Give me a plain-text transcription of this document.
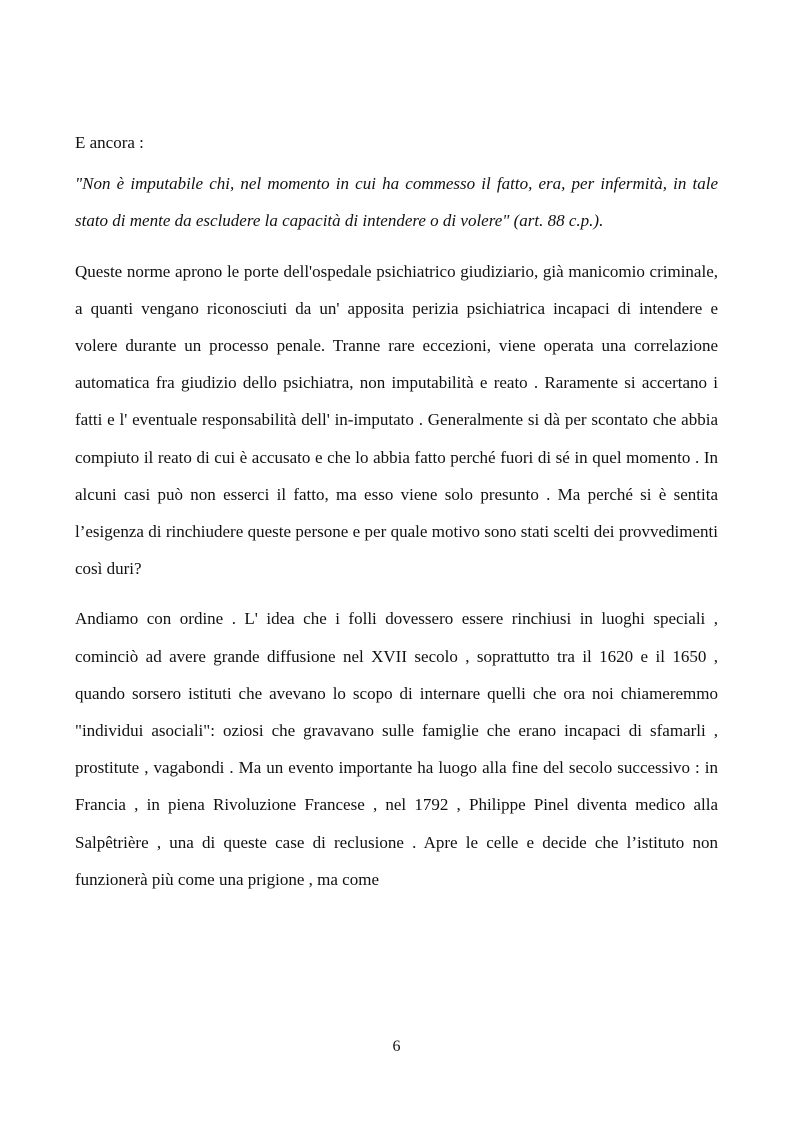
E ancora :

"Non è imputabile chi, nel momento in cui ha commesso il fatto, era, per infermità, in tale stato di mente da escludere la capacità di intendere o di volere" (art. 88 c.p.).

Queste norme aprono le porte dell'ospedale psichiatrico giudiziario, già manicomio criminale, a quanti vengano riconosciuti da un' apposita perizia psichiatrica incapaci di intendere e volere durante un processo penale. Tranne rare eccezioni, viene operata una correlazione automatica fra giudizio dello psichiatra, non imputabilità e reato . Raramente si accertano i fatti e l' eventuale responsabilità dell' in-imputato . Generalmente si dà per scontato che abbia compiuto il reato di cui è accusato e che lo abbia fatto perché fuori di sé in quel momento . In alcuni casi può non esserci il fatto, ma esso viene solo presunto . Ma perché si è sentita l’esigenza di rinchiudere queste persone e per quale motivo sono stati scelti dei provvedimenti così duri?

Andiamo con ordine . L' idea che i folli dovessero essere rinchiusi in luoghi speciali , cominciò ad avere grande diffusione nel XVII secolo , soprattutto tra il 1620 e il 1650 , quando sorsero istituti che avevano lo scopo di internare quelli che ora noi chiameremmo "individui asociali": oziosi che gravavano sulle famiglie che erano incapaci di sfamarli , prostitute , vagabondi . Ma un evento importante ha luogo alla fine del secolo successivo : in Francia , in piena Rivoluzione Francese , nel 1792 , Philippe Pinel diventa medico alla Salpêtrière , una di queste case di reclusione . Apre le celle e decide che l’istituto non funzionerà più come una prigione , ma come

6
